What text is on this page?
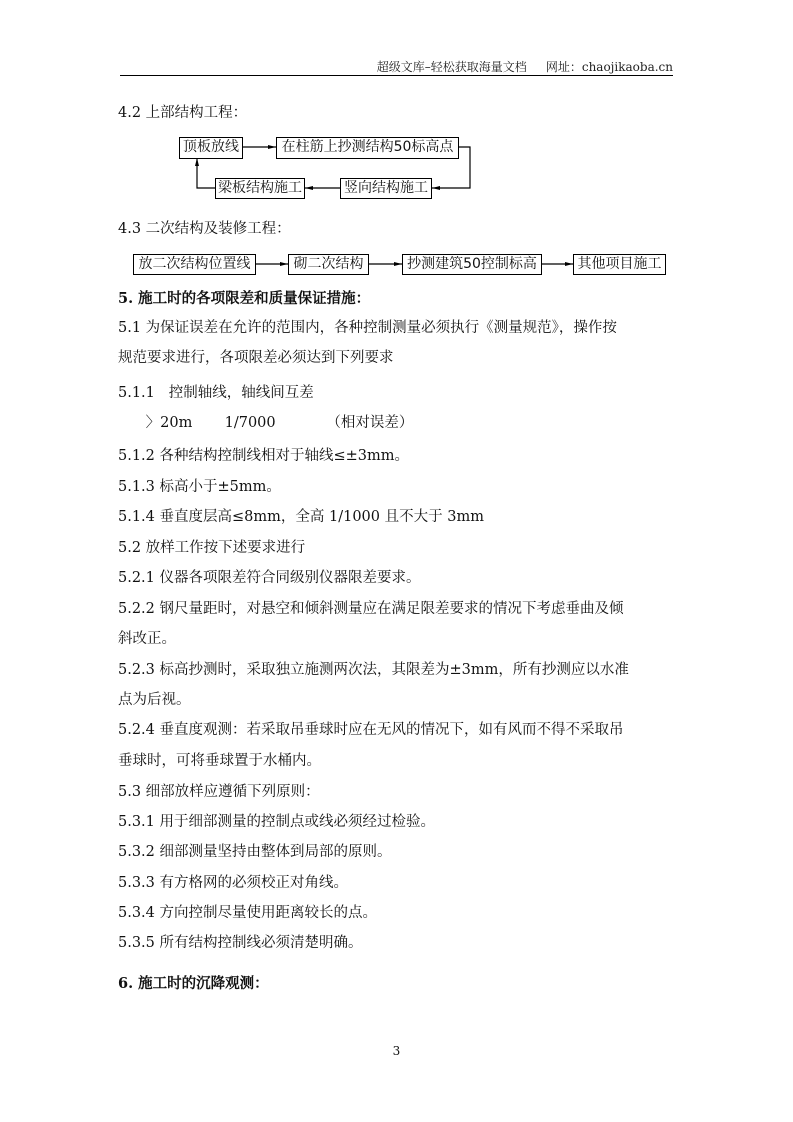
超级文库–轻松获取海量文档     网址：chaojikaoba.cn
4.2 上部结构工程：
顶板放线	在柱筋上抄测结构50标高点
竖向结构施工
梁板结构施工
4.3 二次结构及装修工程：
放二次结构位置线	砌二次结构	抄测建筑50控制标高	其他项目施工
5. 施工时的各项限差和质量保证措施：
5.1 为保证误差在允许的范围内，各种控制测量必须执行《测量规范》，操作按
规范要求进行，各项限差必须达到下列要求
5.1.1   控制轴线，轴线间互差
〉20m       1/7000           （相对误差）
5.1.2 各种结构控制线相对于轴线≤±3mm。
5.1.3 标高小于±5mm。
5.1.4 垂直度层高≤8mm，全高 1/1000 且不大于 3mm
5.2 放样工作按下述要求进行
5.2.1 仪器各项限差符合同级别仪器限差要求。
5.2.2 钢尺量距时，对悬空和倾斜测量应在满足限差要求的情况下考虑垂曲及倾
斜改正。
5.2.3 标高抄测时，采取独立施测两次法，其限差为±3mm，所有抄测应以水准
点为后视。
5.2.4 垂直度观测：若采取吊垂球时应在无风的情况下，如有风而不得不采取吊
垂球时，可将垂球置于水桶内。
5.3 细部放样应遵循下列原则：
5.3.1 用于细部测量的控制点或线必须经过检验。
5.3.2 细部测量坚持由整体到局部的原则。
5.3.3 有方格网的必须校正对角线。
5.3.4 方向控制尽量使用距离较长的点。
5.3.5 所有结构控制线必须清楚明确。
6. 施工时的沉降观测：
3
